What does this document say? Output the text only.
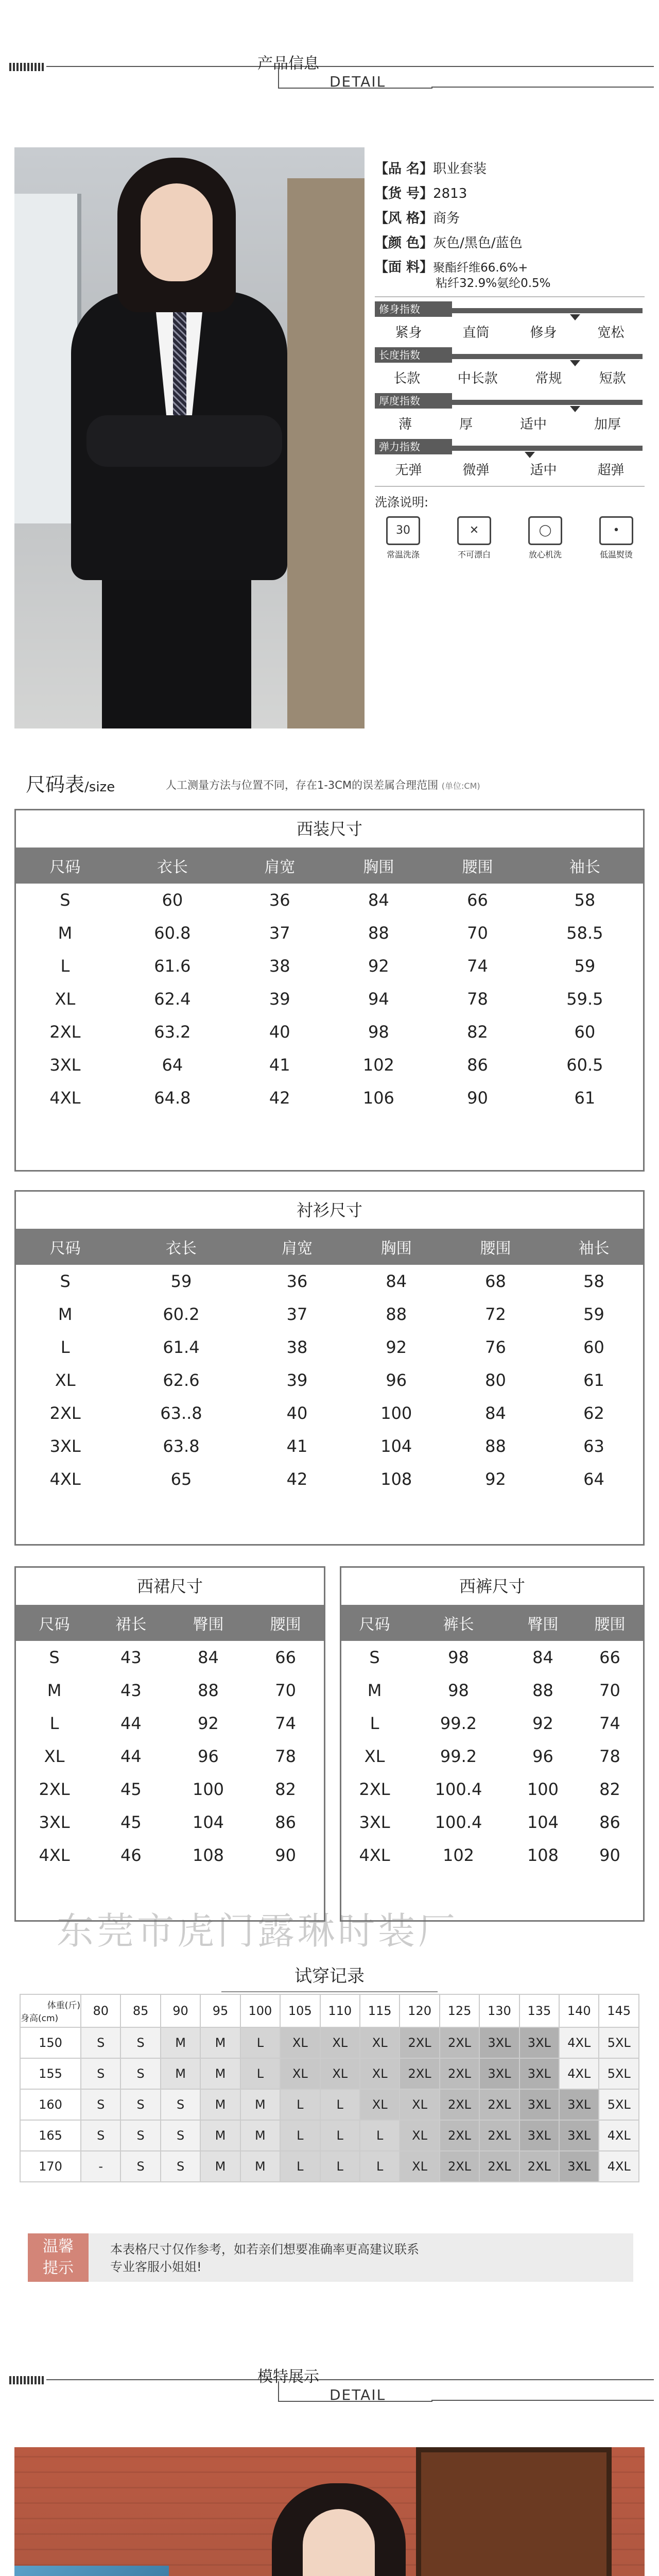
产品信息
DETAIL
【品 名】职业套装
【货 号】2813
【风 格】商务
【颜 色】灰色/黑色/蓝色
【面 料】聚酯纤维66.6%+
粘纤32.9%氨纶0.5%
修身指数
紧身	直筒	修身	宽松
长度指数
长款	中长款	常规	短款
厚度指数
薄	厚	适中	加厚
弹力指数
无弹	微弹	适中	超弹
洗涤说明:
30
常温洗涤
✕
不可漂白
◯
放心机洗
•
低温熨烫
尺码表/size	人工测量方法与位置不同，存在1-3CM的误差属合理范围 (单位:CM)
西装尺寸
尺码	衣长	肩宽	胸围	腰围	袖长
S	60	36	84	66	58
M	60.8	37	88	70	58.5
L	61.6	38	92	74	59
XL	62.4	39	94	78	59.5
2XL	63.2	40	98	82	60
3XL	64	41	102	86	60.5
4XL	64.8	42	106	90	61
衬衫尺寸
尺码	衣长	肩宽	胸围	腰围	袖长
S	59	36	84	68	58
M	60.2	37	88	72	59
L	61.4	38	92	76	60
XL	62.6	39	96	80	61
2XL	63..8	40	100	84	62
3XL	63.8	41	104	88	63
4XL	65	42	108	92	64
西裙尺寸
尺码	裙长	臀围	腰围
S	43	84	66
M	43	88	70
L	44	92	74
XL	44	96	78
2XL	45	100	82
3XL	45	104	86
4XL	46	108	90
西裤尺寸
尺码	裤长	臀围	腰围
S	98	84	66
M	98	88	70
L	99.2	92	74
XL	99.2	96	78
2XL	100.4	100	82
3XL	100.4	104	86
4XL	102	108	90
东莞市虎门露琳时装厂
试穿记录
体重(斤)
身高(cm)	80	85	90	95	100	105	110	115	120	125	130	135	140	145
150	S	S	M	M	L	XL	XL	XL	2XL	2XL	3XL	3XL	4XL	5XL
155	S	S	M	M	L	XL	XL	XL	2XL	2XL	3XL	3XL	4XL	5XL
160	S	S	S	M	M	L	L	XL	XL	2XL	2XL	3XL	3XL	5XL
165	S	S	S	M	M	L	L	L	XL	2XL	2XL	3XL	3XL	4XL
170	-	S	S	M	M	L	L	L	XL	2XL	2XL	2XL	3XL	4XL
温馨
提示
本表格尺寸仅作参考，如若亲们想要准确率更高建议联系
专业客服小姐姐!
模特展示
DETAIL
